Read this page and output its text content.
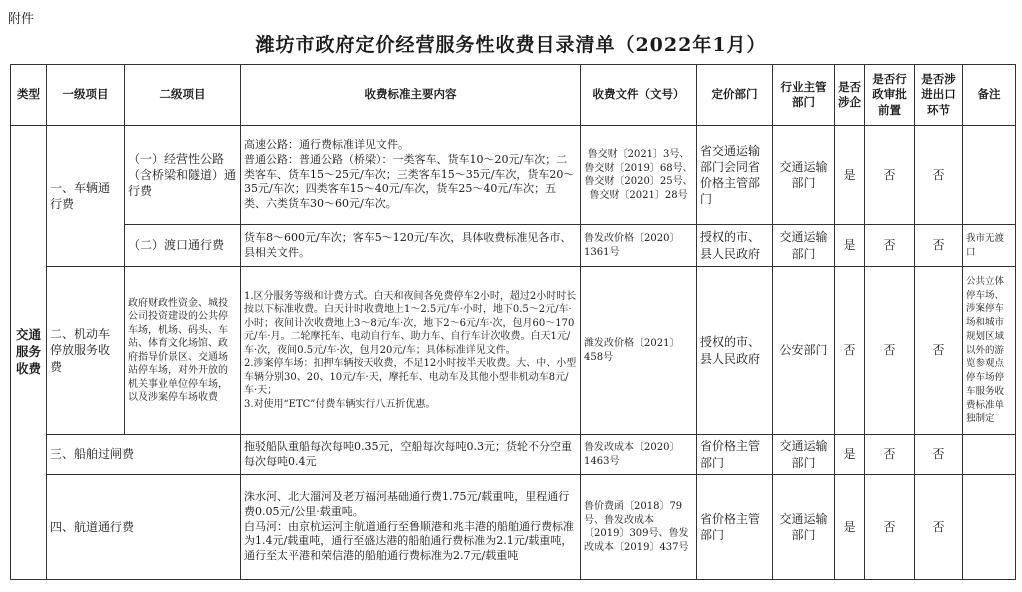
附件
潍坊市政府定价经营服务性收费目录清单（2022年1月）
类型	一级项目	二级项目	收费标准主要内容	收费文件（文号）	定价部门	行业主管部门	是否涉企	是否行政审批前置	是否涉进出口环节	备注
交通服务收费	一、车辆通行费	（一）经营性公路（含桥梁和隧道）通行费	高速公路：通行费标准详见文件。
普通公路：普通公路（桥梁）：一类客车、货车10～20元/车次；二类客车、货车15～25元/车次；三类客车15～35元/车次，货车20～35元/车次；四类客车15～40元/车次，货车25～40元/车次；五类、六类货车30～60元/车次。	鲁交财〔2021〕3号、鲁交财〔2019〕68号、鲁交财〔2020〕25号、鲁交财〔2021〕28号	省交通运输部门会同省价格主管部门	交通运输部门	是	否	否	
		（二）渡口通行费	货车8～600元/车次；客车5～120元/车次，具体收费标准见各市、县相关文件。	鲁发改价格〔2020〕1361号	授权的市、县人民政府	交通运输部门	是	否	否	我市无渡口
	二、机动车停放服务收费	政府财政性资金、城投公司投资建设的公共停车场，机场、码头、车站、体育文化场馆、政府指导价景区、交通场站停车场，对外开放的机关事业单位停车场，以及涉案停车场收费	1.区分服务等级和计费方式。白天和夜间各免费停车2小时，超过2小时时长按以下标准收费。白天计时收费地上1～2.5元/车·小时，地下0.5～2元/车·小时；夜间计次收费地上3～8元/车·次，地下2～6元/车·次，包月60～170元/车·月。二轮摩托车、电动自行车、助力车、自行车计次收费。白天1元/车·次，夜间0.5元/车·次，包月20元/车；具体标准详见文件。
2.涉案停车场：扣押车辆按天收费，不足12小时按半天收费。大、中、小型车辆分别30、20、10元/车·天，摩托车、电动车及其他小型非机动车8元/车·天；
3.对使用“ETC”付费车辆实行八五折优惠。	潍发改价格〔2021〕458号	授权的市、县人民政府	公安部门	否	否	否	公共立体停车场、涉案停车场和城市规划区域以外的游览参观点停车场停车服务收费标准单独制定
	三、船舶过闸费		拖驳船队重船每次每吨0.35元，空船每次每吨0.3元；货轮不分空重每次每吨0.4元	鲁发改成本〔2020〕1463号	省价格主管部门	交通运输部门	是	否	否	
	四、航道通行费		洙水河、北大溜河及老万福河基础通行费1.75元/载重吨，里程通行费0.05元/公里·载重吨。
白马河：由京杭运河主航道通行至鲁顺港和兆丰港的船舶通行费标准为1.4元/载重吨，通行至盛达港的船舶通行费标准为2.1元/载重吨，通行至太平港和荣信港的船舶通行费标准为2.7元/载重吨	鲁价费函〔2018〕79号、鲁发改成本〔2019〕309号、鲁发改成本〔2019〕437号	省价格主管部门	交通运输部门	是	否	否	
